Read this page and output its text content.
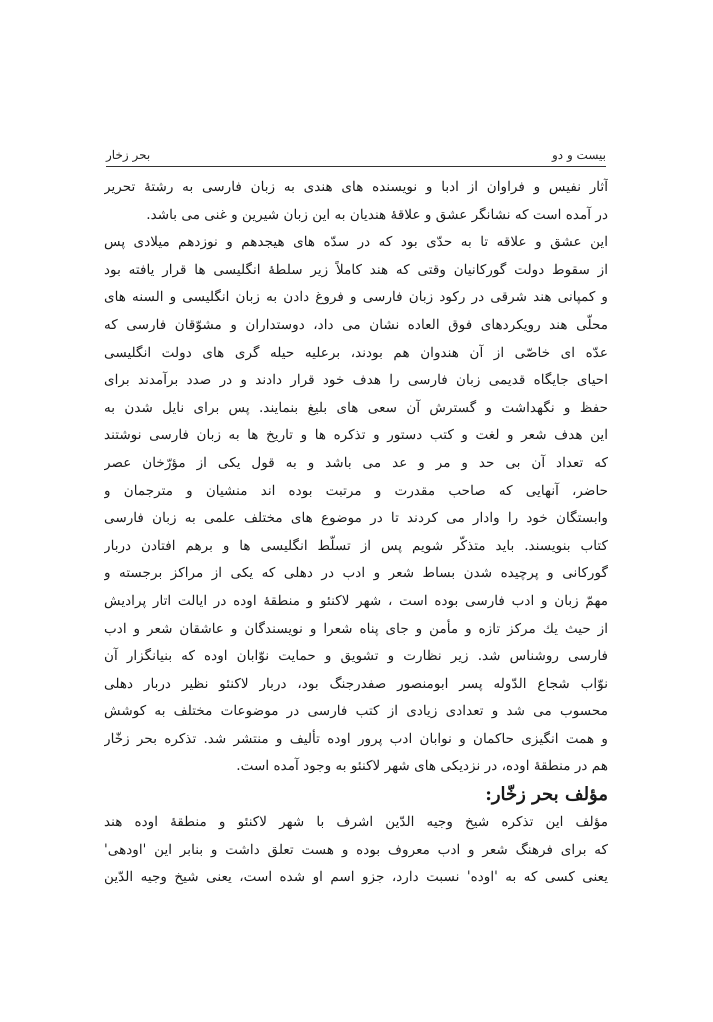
بیست و دو
بحر زخار
آثار نفیس و فراوان از ادبا و نویسنده های هندی به زبان فارسی به رشتهٔ تحریر
در آمده است که نشانگر عشق و علاقهٔ هندیان به این زبان شیرین و غنی می باشد.
این عشق و علاقه تا به حدّی بود که در سدّه های هیجدهم و نوزدهم میلادی پس
از سقوط دولت گورکانیان وقتی که هند کاملاً زیر سلطهٔ انگلیسی ها قرار یافته بود
و کمپانی هند شرقی در رکود زبان فارسی و فروغ دادن به زبان انگلیسی و السنه های
محلّی هند رویکردهای فوق العاده نشان می داد، دوستداران و مشوّقان فارسی که
عدّه ای خاصّی از آن هندوان هم بودند، برعلیه حیله گری های دولت انگلیسی
احیای جایگاه قدیمی زبان فارسی را هدف خود قرار دادند و در صدد برآمدند برای
حفظ و نگهداشت و گسترش آن سعی های بلیغ بنمایند. پس برای نایل شدن به
این هدف شعر و لغت و کتب دستور و تذکره ها و تاریخ ها به زبان فارسی نوشتند
که تعداد آن بی حد و مر و عد می باشد و به قول یکی از مؤرّخان عصر
حاضر، آنهایی که صاحب مقدرت و مرتبت بوده اند منشیان و مترجمان و
وابستگان خود را وادار می کردند تا در موضوع های مختلف علمی به زبان فارسی
کتاب بنویسند. باید متذکّر شویم پس از تسلّط انگلیسی ها و برهم افتادن دربار
گورکانی و پرچیده شدن بساط شعر و ادب در دهلی که یکی از مراکز برجسته و
مهمّ زبان و ادب فارسی بوده است ، شهر لاکنئو و منطقهٔ اوده در ایالت اتار پرادیش
از حیث یك مرکز تازه و مأمن و جای پناه شعرا و نویسندگان و عاشقان شعر و ادب
فارسی روشناس شد. زیر نظارت و تشویق و حمایت نوّابان اوده که بنیانگزار آن
نوّاب شجاع الدّوله پسر ابومنصور صفدرجنگ بود، دربار لاکنئو نظیر دربار دهلی
محسوب می شد و تعدادی زیادی از کتب فارسی در موضوعات مختلف به کوشش
و همت انگیزی حاکمان و نوابان ادب پرور اوده تألیف و منتشر شد. تذکره بحر زخّار
هم در منطقهٔ اوده، در نزدیکی های شهر لاکنئو به وجود آمده است.
مؤلف بحر زخّار:
مؤلف این تذکره شیخ وجیه الدّین اشرف با شهر لاکنئو و منطقهٔ اوده هند
که برای فرهنگ شعر و ادب معروف بوده و هست تعلق داشت و بنابر این 'اودهی'
یعنی کسی که به 'اوده' نسبت دارد، جزو اسم او شده است، یعنی شیخ وجیه الدّین
